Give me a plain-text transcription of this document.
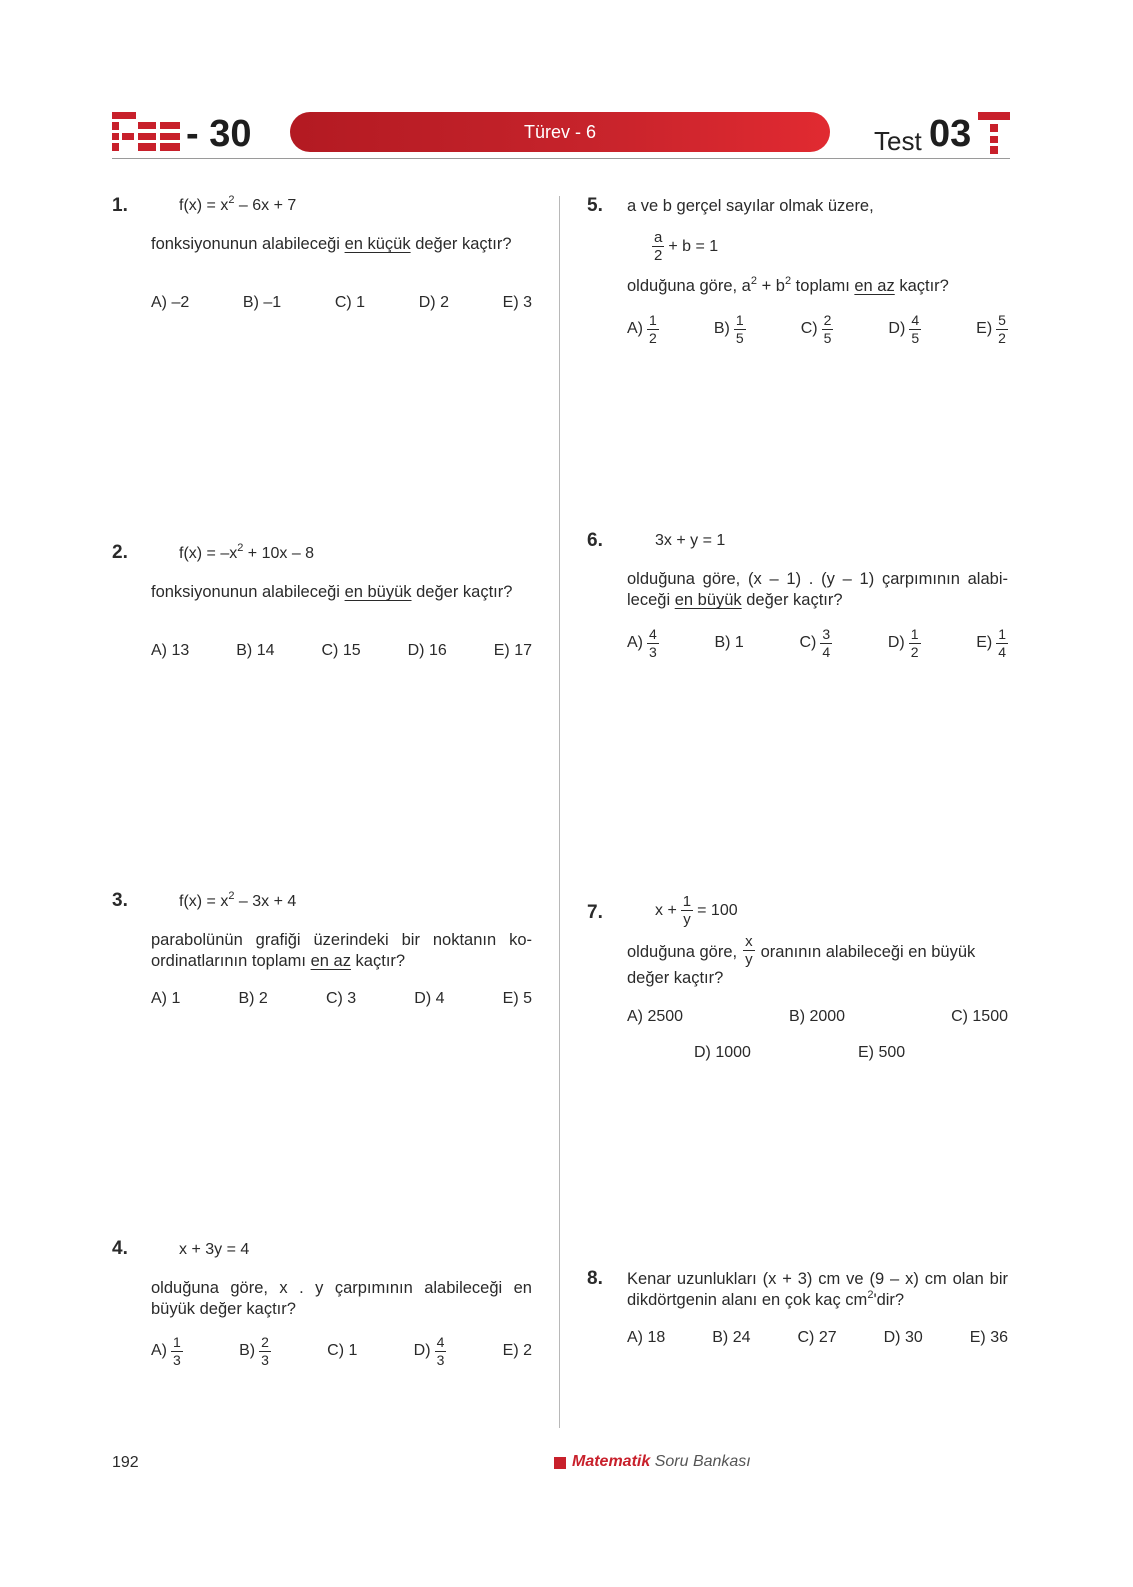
- 30	Türev - 6	Test 03
1.	$f(x) = x^2 - 6x + 7$
fonksiyonunun alabileceği en küçük değer kaçtır?
A) –2	B) –1	C) 1	D) 2	E) 3
2.	$f(x) = -x^2 + 10x - 8$
fonksiyonunun alabileceği en büyük değer kaçtır?
A) 13	B) 14	C) 15	D) 16	E) 17
3.	$f(x) = x^2 - 3x + 4$
parabolünün grafiği üzerindeki bir noktanın koordinatlarının toplamı en az kaçtır?
A) 1	B) 2	C) 3	D) 4	E) 5
4.	x + 3y = 4
olduğuna göre, x . y çarpımının alabileceği en büyük değer kaçtır?
$A) \frac{1}{3}$	$B) \frac{2}{3}$	C) 1	$D) \frac{4}{3}$	E) 2
5. a ve b gerçel sayılar olmak üzere,
$\frac{a}{2} + b = 1$
olduğuna göre, $a^2 + b^2$ toplamı en az kaçtır?
$A) \frac{1}{2}$	$B) \frac{1}{5}$	$C) \frac{2}{5}$	$D) \frac{4}{5}$	$E) \frac{5}{2}$
6.	3x + y = 1
olduğuna göre, (x – 1) . (y – 1) çarpımının alabileceği en büyük değer kaçtır?
$A) \frac{4}{3}$	B) 1	$C) \frac{3}{4}$	$D) \frac{1}{2}$	$E) \frac{1}{4}$
7.	$x + \frac{1}{y} = 100$
olduğuna göre, $\frac{x}{y}$ oranının alabileceği en büyük
değer kaçtır?
A) 2500	B) 2000	C) 1500
D) 1000	E) 500
8. Kenar uzunlukları (x + 3) cm ve (9 – x) cm olan bir dikdörtgenin alanı en çok kaç $cm^2'dir$?
A) 18	B) 24	C) 27	D) 30	E) 36
192	Matematik Soru Bankası
